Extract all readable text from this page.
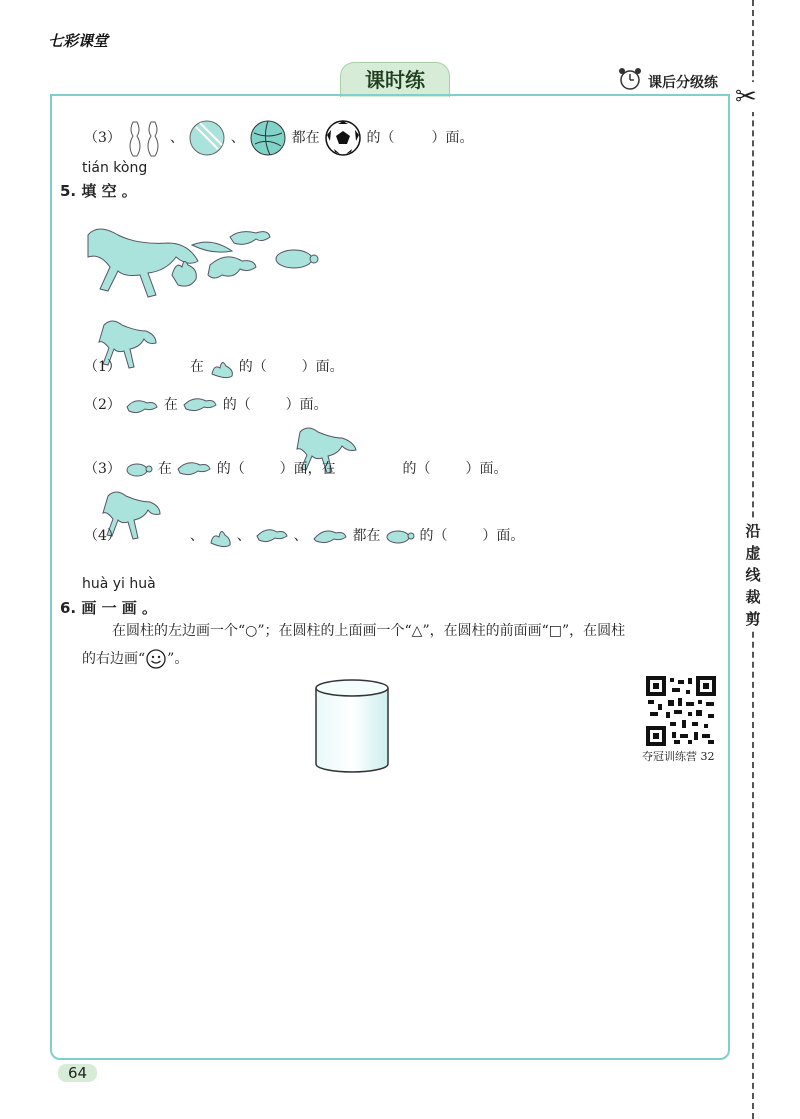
七彩课堂
课时练	课后分级练 ✂
沿虚线裁剪
（3）	、	、	都在	的（	）面。
tián kòng
5. 填 空 。
（1）	在 的（ ）面。
（2）	在	的（ ）面。
（3）	在	的（ ）面，在	的（ ）面。
（4）	、 、	、	都在	的（ ）面。
huà yi huà
6. 画 一 画 。
在圆柱的左边画一个“○”；在圆柱的上面画一个“△”，在圆柱的前面画“□”，在圆柱
的右边画“ ”。
夺冠训练营 32
64
